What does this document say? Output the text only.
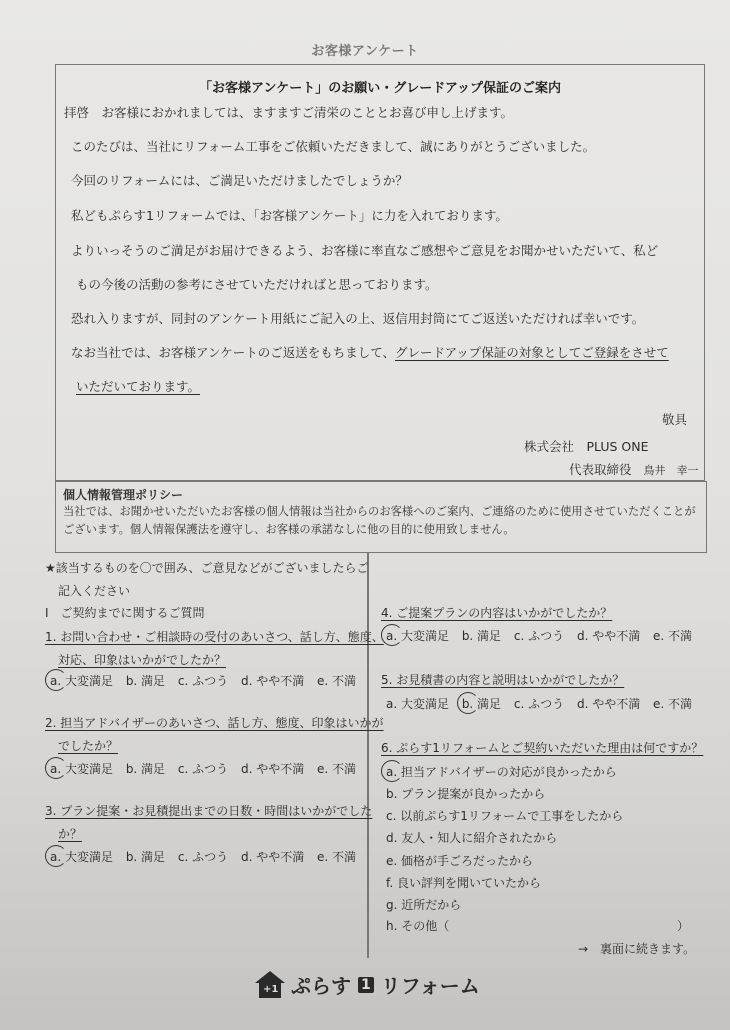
お客様アンケート
「お客様アンケート」のお願い・グレードアップ保証のご案内
拝啓　お客様におかれましては、ますますご清栄のこととお喜び申し上げます。
このたびは、当社にリフォーム工事をご依頼いただきまして、誠にありがとうございました。
今回のリフォームには、ご満足いただけましたでしょうか？
私どもぷらす1リフォームでは、「お客様アンケート」に力を入れております。
よりいっそうのご満足がお届けできるよう、お客様に率直なご感想やご意見をお聞かせいただいて、私ど
もの今後の活動の参考にさせていただければと思っております。
恐れ入りますが、同封のアンケート用紙にご記入の上、返信用封筒にてご返送いただければ幸いです。
なお当社では、お客様アンケートのご返送をもちまして、グレードアップ保証の対象としてご登録をさせて
いただいております。
敬具
株式会社　PLUS ONE
代表取締役 鳥井　幸一
個人情報管理ポリシー
当社では、お聞かせいただいたお客様の個人情報は当社からのお客様へのご案内、ご連絡のために使用させていただくことがございます。個人情報保護法を遵守し、お客様の承諾なしに他の目的に使用致しません。
★該当するものを〇で囲み、ご意見などがございましたらご
記入ください
Ⅰ　ご契約までに関するご質問
1. お問い合わせ・ご相談時の受付のあいさつ、話し方、態度、
対応、印象はいかがでしたか？
a. 大変満足 b. 満足 c. ふつう d. やや不満 e. 不満
2. 担当アドバイザーのあいさつ、話し方、態度、印象はいかが
でしたか？
a. 大変満足 b. 満足 c. ふつう d. やや不満 e. 不満
3. プラン提案・お見積提出までの日数・時間はいかがでした
か？
a. 大変満足 b. 満足 c. ふつう d. やや不満 e. 不満
4. ご提案プランの内容はいかがでしたか？
a. 大変満足 b. 満足 c. ふつう d. やや不満 e. 不満
5. お見積書の内容と説明はいかがでしたか？
a. 大変満足 b. 満足 c. ふつう d. やや不満 e. 不満
6. ぷらす1リフォームとご契約いただいた理由は何ですか？
a. 担当アドバイザーの対応が良かったから
b. プラン提案が良かったから
c. 以前ぷらす1リフォームで工事をしたから
d. 友人・知人に紹介されたから
e. 価格が手ごろだったから
f. 良い評判を聞いていたから
g. 近所だから
h. その他（	）
→　裏面に続きます。
+1
ぷらす 1 リフォーム
